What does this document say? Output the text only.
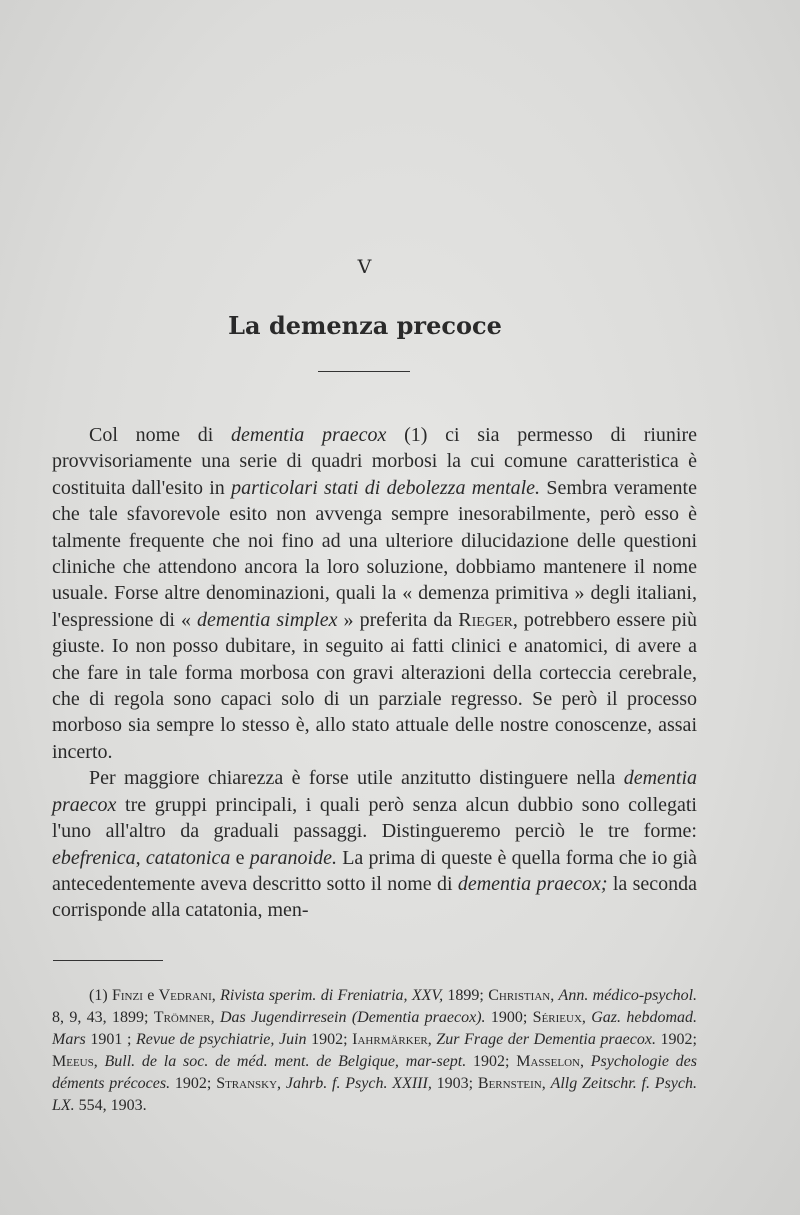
V
La demenza precoce

Col nome di dementia praecox (1) ci sia permesso di riunire provvisoriamente una serie di quadri morbosi la cui comune caratteristica è costituita dall'esito in particolari stati di debolezza mentale. Sembra veramente che tale sfavorevole esito non avvenga sempre inesorabilmente, però esso è talmente frequente che noi fino ad una ulteriore dilucidazione delle questioni cliniche che attendono ancora la loro soluzione, dobbiamo mantenere il nome usuale. Forse altre denominazioni, quali la « demenza primitiva » degli italiani, l'espressione di « dementia simplex » preferita da Rieger, potrebbero essere più giuste. Io non posso dubitare, in seguito ai fatti clinici e anatomici, di avere a che fare in tale forma morbosa con gravi alterazioni della corteccia cerebrale, che di regola sono capaci solo di un parziale regresso. Se però il processo morboso sia sempre lo stesso è, allo stato attuale delle nostre conoscenze, assai incerto.

Per maggiore chiarezza è forse utile anzitutto distinguere nella dementia praecox tre gruppi principali, i quali però senza alcun dubbio sono collegati l'uno all'altro da graduali passaggi. Distingueremo perciò le tre forme: ebefrenica, catatonica e paranoide. La prima di queste è quella forma che io già antecedentemente aveva descritto sotto il nome di dementia praecox; la seconda corrisponde alla catatonia, men-

(1) Finzi e Vedrani, Rivista sperim. di Freniatria, XXV, 1899; Christian, Ann. médico-psychol. 8, 9, 43, 1899; Trömner, Das Jugendirresein (Dementia praecox). 1900; Sérieux, Gaz. hebdomad. Mars 1901 ; Revue de psychiatrie, Juin 1902; Iahrmärker, Zur Frage der Dementia praecox. 1902; Meeus, Bull. de la soc. de méd. ment. de Belgique, mar-sept. 1902; Masselon, Psychologie des déments précoces. 1902; Stransky, Jahrb. f. Psych. XXIII, 1903; Bernstein, Allg Zeitschr. f. Psych. LX. 554, 1903.
